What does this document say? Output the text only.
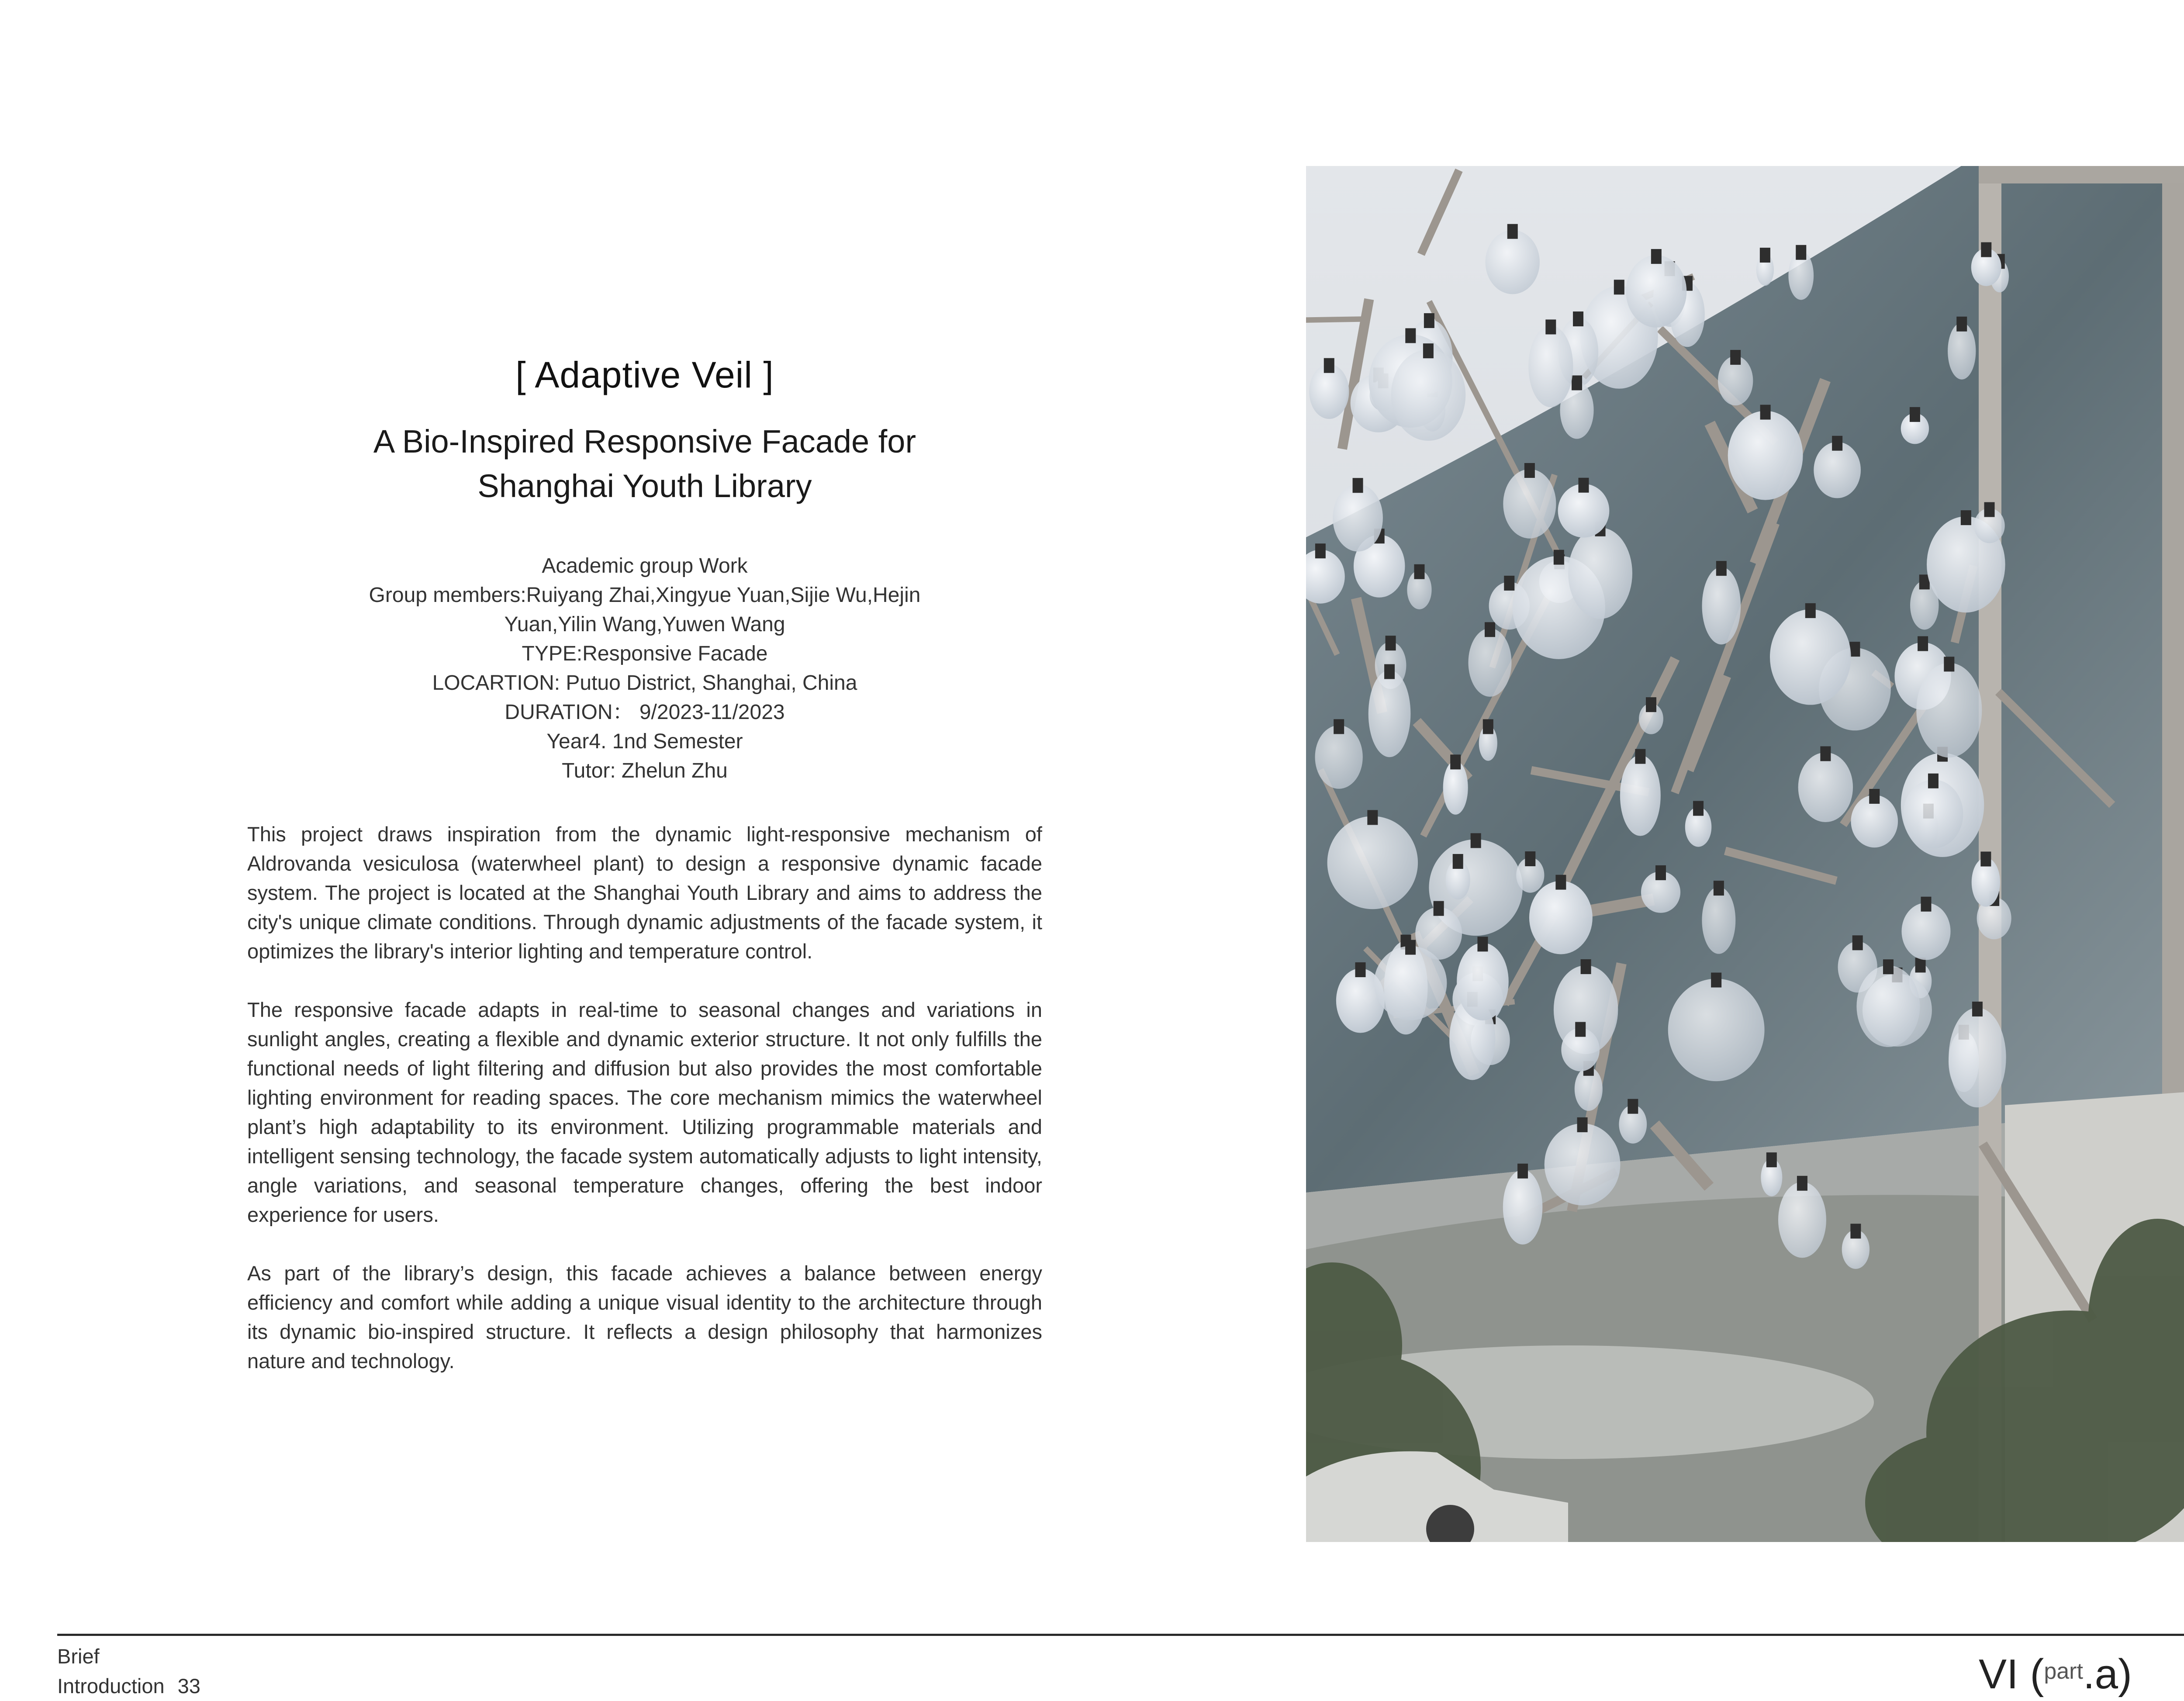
[ Adaptive Veil ]
A Bio-Inspired Responsive Facade for
Shanghai Youth Library
Academic group Work
Group members:Ruiyang Zhai,Xingyue Yuan,Sijie Wu,Hejin
Yuan,Yilin Wang,Yuwen Wang
TYPE:Responsive Facade
LOCARTION: Putuo District, Shanghai, China
DURATION： 9/2023-11/2023
Year4. 1nd Semester
Tutor: Zhelun Zhu

This project draws inspiration from the dynamic light-responsive mechanism of Aldrovanda vesiculosa (waterwheel plant) to design a responsive dynamic facade system. The project is located at the Shanghai Youth Library and aims to address the city's unique climate conditions. Through dynamic adjustments of the facade system, it optimizes the library's interior lighting and temperature control.

The responsive facade adapts in real-time to seasonal changes and variations in sunlight angles, creating a flexible and dynamic exterior structure. It not only fulfills the functional needs of light filtering and diffusion but also provides the most comfortable lighting environment for reading spaces. The core mechanism mimics the waterwheel plant’s high adaptability to its environment. Utilizing programmable materials and intelligent sensing technology, the facade system automatically adjusts to light intensity, angle variations, and seasonal temperature changes, offering the best indoor experience for users.

As part of the library’s design, this facade achieves a balance between energy efficiency and comfort while adding a unique visual identity to the architecture through its dynamic bio-inspired structure. It reflects a design philosophy that harmonizes nature and technology.

Brief
Introduction 33	VI ($^{part}$.a)
